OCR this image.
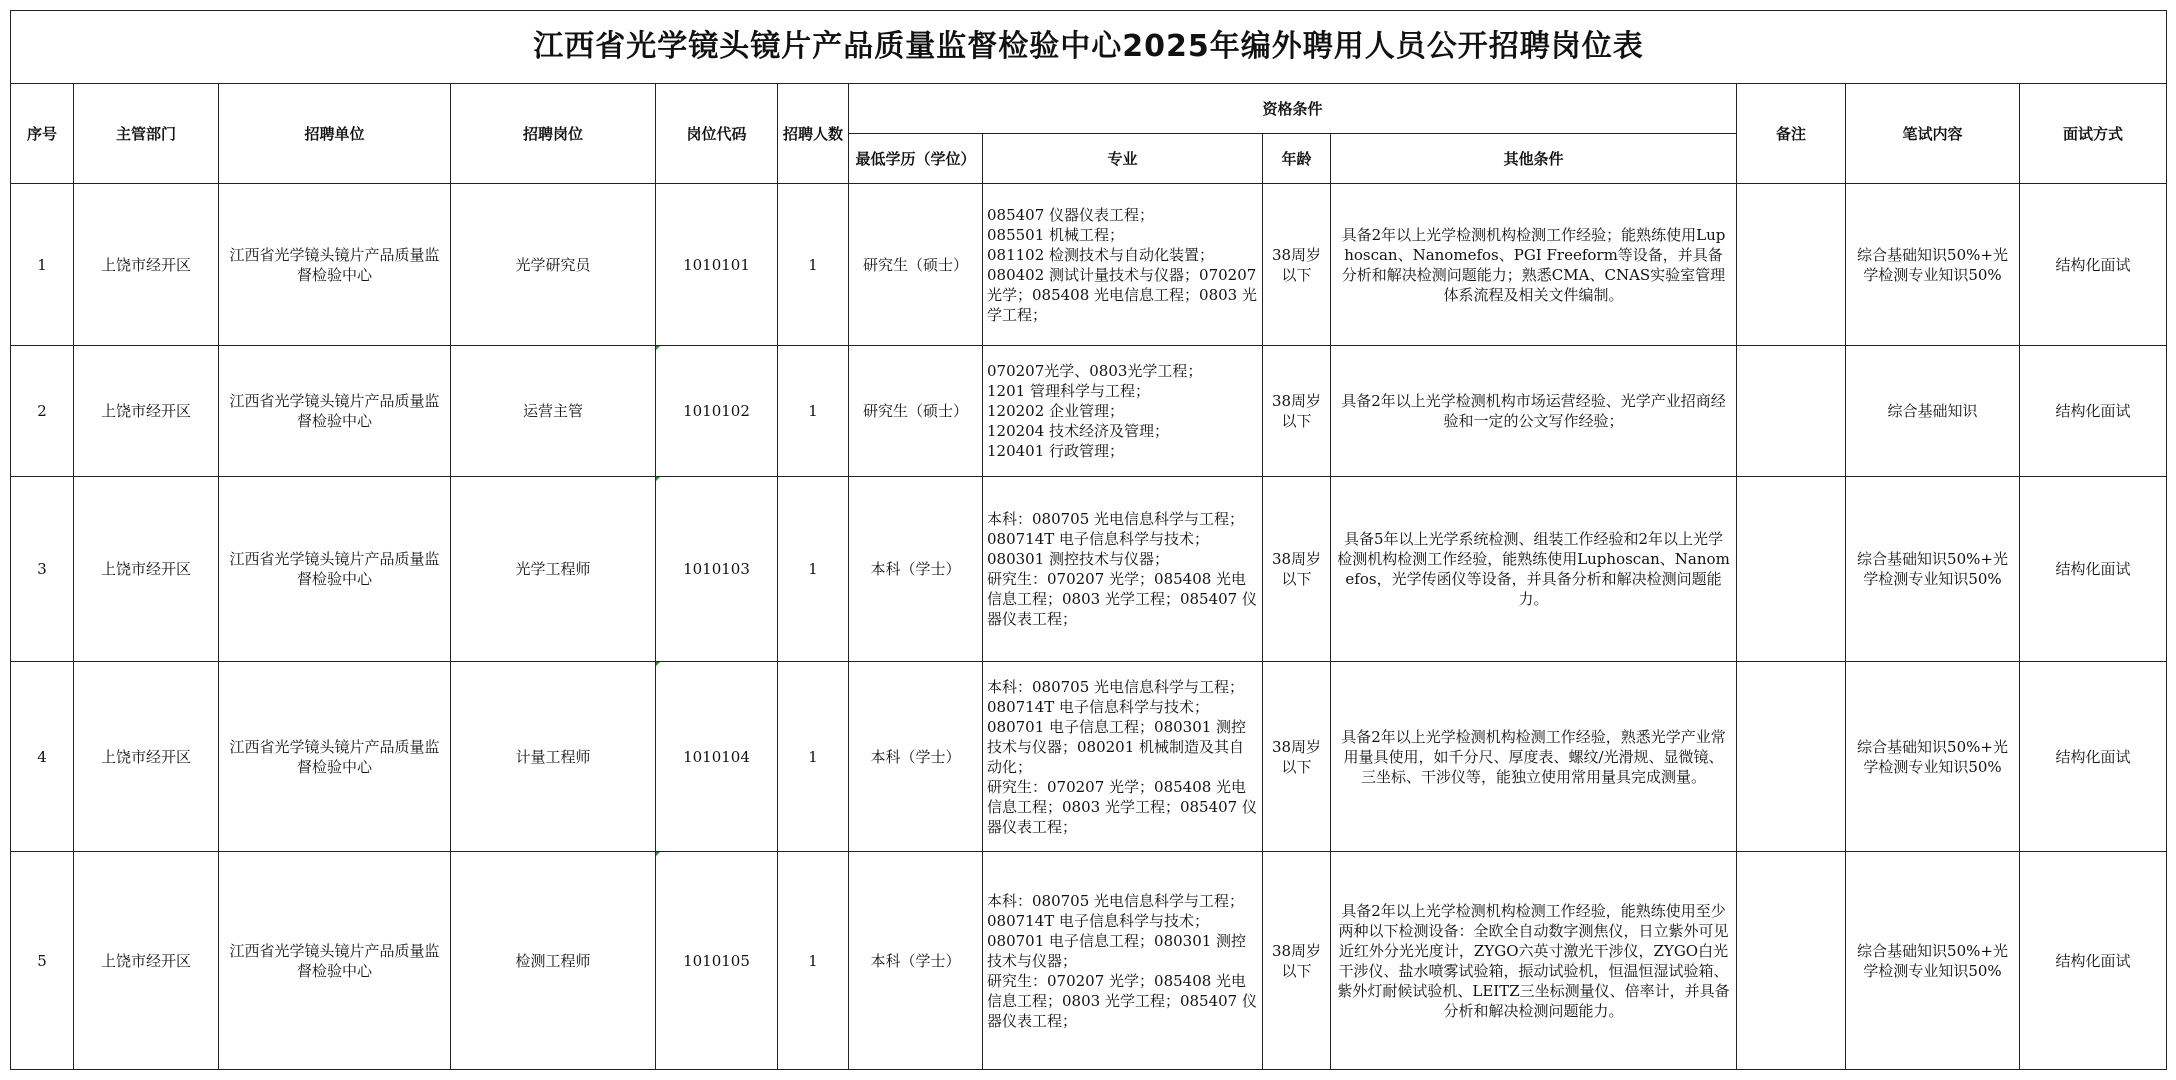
江西省光学镜头镜片产品质量监督检验中心2025年编外聘用人员公开招聘岗位表												
序号	主管部门	招聘单位	招聘岗位	岗位代码	招聘人数	资格条件				备注	笔试内容	面试方式
						最低学历（学位）	专业	年龄	其他条件			
1	上饶市经开区	江西省光学镜头镜片产品质量监督检验中心	光学研究员	1010101	1	研究生（硕士）	085407 仪器仪表工程；
085501 机械工程；
081102 检测技术与自动化装置；
080402 测试计量技术与仪器；070207 光学；085408 光电信息工程；0803 光学工程；	38周岁以下	具备2年以上光学检测机构检测工作经验；能熟练使用Luphoscan、Nanomefos、PGI Freeform等设备，并具备分析和解决检测问题能力；熟悉CMA、CNAS实验室管理体系流程及相关文件编制。		综合基础知识50%+光学检测专业知识50%	结构化面试
2	上饶市经开区	江西省光学镜头镜片产品质量监督检验中心	运营主管	1010102	1	研究生（硕士）	070207光学、0803光学工程；
1201 管理科学与工程；
120202 企业管理；
120204 技术经济及管理；
120401 行政管理；	38周岁以下	具备2年以上光学检测机构市场运营经验、光学产业招商经验和一定的公文写作经验；		综合基础知识	结构化面试
3	上饶市经开区	江西省光学镜头镜片产品质量监督检验中心	光学工程师	1010103	1	本科（学士）	本科：080705 光电信息科学与工程；
080714T 电子信息科学与技术；
080301 测控技术与仪器；
研究生：070207 光学；085408 光电信息工程；0803 光学工程；085407 仪器仪表工程；	38周岁以下	具备5年以上光学系统检测、组装工作经验和2年以上光学检测机构检测工作经验，能熟练使用Luphoscan、Nanomefos，光学传函仪等设备，并具备分析和解决检测问题能力。		综合基础知识50%+光学检测专业知识50%	结构化面试
4	上饶市经开区	江西省光学镜头镜片产品质量监督检验中心	计量工程师	1010104	1	本科（学士）	本科：080705 光电信息科学与工程；
080714T 电子信息科学与技术；
080701 电子信息工程；080301 测控技术与仪器；080201 机械制造及其自动化；
研究生：070207 光学；085408 光电信息工程；0803 光学工程；085407 仪器仪表工程；	38周岁以下	具备2年以上光学检测机构检测工作经验，熟悉光学产业常用量具使用，如千分尺、厚度表、螺纹/光滑规、显微镜、三坐标、干涉仪等，能独立使用常用量具完成测量。		综合基础知识50%+光学检测专业知识50%	结构化面试
5	上饶市经开区	江西省光学镜头镜片产品质量监督检验中心	检测工程师	1010105	1	本科（学士）	本科：080705 光电信息科学与工程；
080714T 电子信息科学与技术；
080701 电子信息工程；080301 测控技术与仪器；
研究生：070207 光学；085408 光电信息工程；0803 光学工程；085407 仪器仪表工程；	38周岁以下	具备2年以上光学检测机构检测工作经验，能熟练使用至少两种以下检测设备：全欧全自动数字测焦仪，日立紫外可见近红外分光光度计，ZYGO六英寸激光干涉仪，ZYGO白光干涉仪、盐水喷雾试验箱，振动试验机，恒温恒湿试验箱、紫外灯耐候试验机、LEITZ三坐标测量仪、倍率计，并具备分析和解决检测问题能力。		综合基础知识50%+光学检测专业知识50%	结构化面试
